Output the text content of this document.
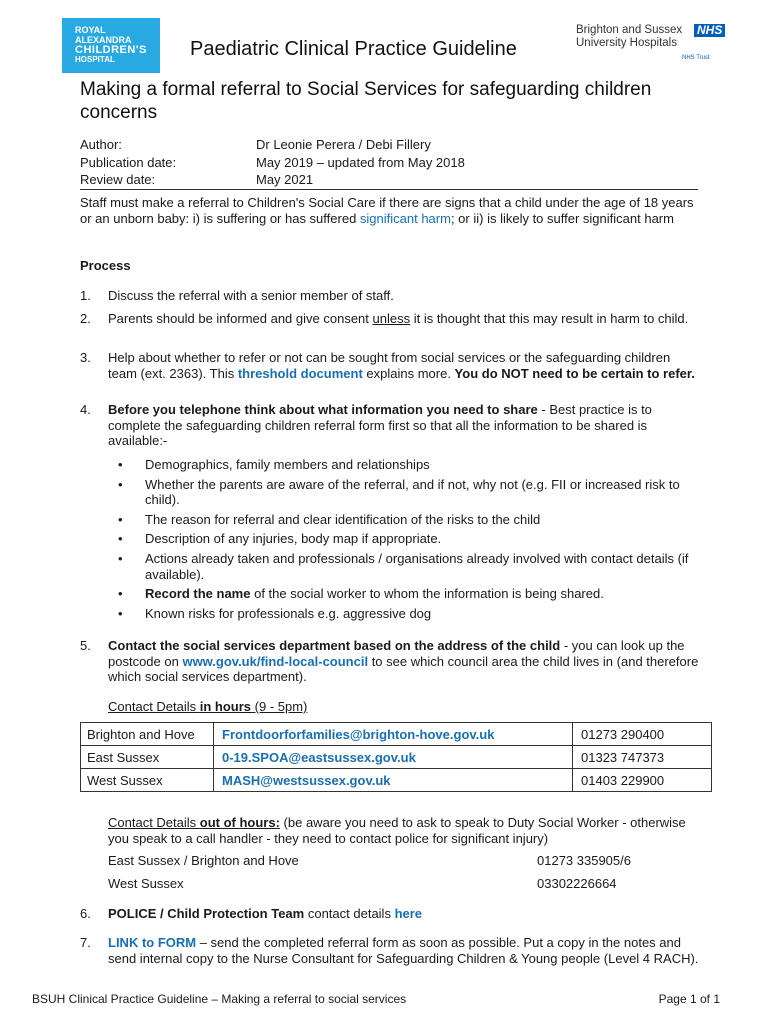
ROYAL
ALEXANDRA
CHILDREN'S
HOSPITAL	Paediatric Clinical Practice Guideline
Brighton and Sussex
University Hospitals
NHS
NHS Trust
Making a formal referral to Social Services for safeguarding children concerns
Author:	Dr Leonie Perera / Debi Fillery
Publication date:	May 2019 – updated from May 2018
Review date:	May 2021
Staff must make a referral to Children's Social Care if there are signs that a child under the age of 18 years or an unborn baby: i) is suffering or has suffered significant harm; or ii) is likely to suffer significant harm
Process
1. Discuss the referral with a senior member of staff.
2. Parents should be informed and give consent unless it is thought that this may result in harm to child.
3. Help about whether to refer or not can be sought from social services or the safeguarding children team (ext. 2363). This threshold document explains more. You do NOT need to be certain to refer.
4. Before you telephone think about what information you need to share - Best practice is to complete the safeguarding children referral form first so that all the information to be shared is available:-
• Demographics, family members and relationships
• Whether the parents are aware of the referral, and if not, why not (e.g. FII or increased risk to child).
• The reason for referral and clear identification of the risks to the child
• Description of any injuries, body map if appropriate.
• Actions already taken and professionals / organisations already involved with contact details (if available).
• Record the name of the social worker to whom the information is being shared.
• Known risks for professionals e.g. aggressive dog
5. Contact the social services department based on the address of the child - you can look up the postcode on www.gov.uk/find-local-council to see which council area the child lives in (and therefore which social services department).
Contact Details in hours (9 - 5pm)
Brighton and Hove	Frontdoorforfamilies@brighton-hove.gov.uk	01273 290400
East Sussex	0-19.SPOA@eastsussex.gov.uk	01323 747373
West Sussex	MASH@westsussex.gov.uk	01403 229900
Contact Details out of hours: (be aware you need to ask to speak to Duty Social Worker - otherwise you speak to a call handler - they need to contact police for significant injury)
East Sussex / Brighton and Hove	01273 335905/6
West Sussex	03302226664
6. POLICE / Child Protection Team contact details here
7. LINK to FORM – send the completed referral form as soon as possible. Put a copy in the notes and send internal copy to the Nurse Consultant for Safeguarding Children & Young people (Level 4 RACH).
BSUH Clinical Practice Guideline – Making a referral to social services	Page 1 of 1
